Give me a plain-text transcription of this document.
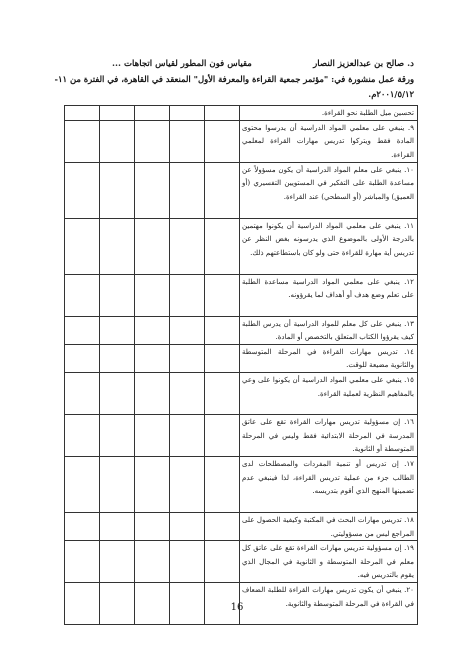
د. صالح بن عبدالعزيز النصار
مقياس فون المطور لقياس اتجاهات ...
ورقة عمل منشورة في: "مؤتمر جمعية القراءة والمعرفة الأول" المنعقد في القاهرة، في الفترة من ١١-
٢٠٠١/٥/١٢م.
تحسين ميل الطلبة نحو القراءة.					
٩. ينبغي على معلمي المواد الدراسية أن يدرسوا محتوى المادة فقط ويتركوا تدريس مهارات القراءة لمعلمي القراءة.					
١٠. ينبغي على معلم المواد الدراسية أن يكون مسؤولاً عن مساعدة الطلبة على التفكير في المستويين التفسيري (أو العميق) والمباشر (أو السطحي) عند القراءة.					
١١. ينبغي على معلمي المواد الدراسية أن يكونوا مهتمين بالدرجة الأولى بالموضوع الذي يدرسونه بغض النظر عن تدريس أية مهارة للقراءة حتى ولو كان باستطاعتهم ذلك.					
١٢. ينبغي على معلمي المواد الدراسية مساعدة الطلبة على تعلم وضع هدف أو أهداف لما يقرؤونه.					
١٣. ينبغي على كل معلم للمواد الدراسية أن يدرس الطلبة كيف يقرؤوا الكتاب المتعلق بالتخصص أو المادة.					
١٤. تدريس مهارات القراءة في المرحلة المتوسطة والثانوية مضيعة للوقت.					
١٥. ينبغي على معلمي المواد الدراسية أن يكونوا على وعي بالمفاهيم النظرية لعملية القراءة.					
١٦. إن مسؤولية تدريس مهارات القراءة تقع على عاتق المدرسة في المرحلة الابتدائية فقط وليس في المرحلة المتوسطة أو الثانوية.					
١٧. إن تدريس أو تنمية المفردات والمصطلحات لدى الطالب جزء من عملية تدريس القراءة، لذا فينبغي عدم تضمينها المنهج الذي أقوم بتدريسه.					
١٨. تدريس مهارات البحث في المكتبة وكيفية الحصول على المراجع ليس من مسؤوليتي.					
١٩. إن مسؤولية تدريس مهارات القراءة تقع على عاتق كل معلم في المرحلة المتوسطة و الثانوية في المجال الذي يقوم بالتدريس فيه.					
٢٠. ينبغي أن يكون تدريس مهارات القراءة للطلبة الضعاف في القراءة في المرحلة المتوسطة والثانوية.					
16
